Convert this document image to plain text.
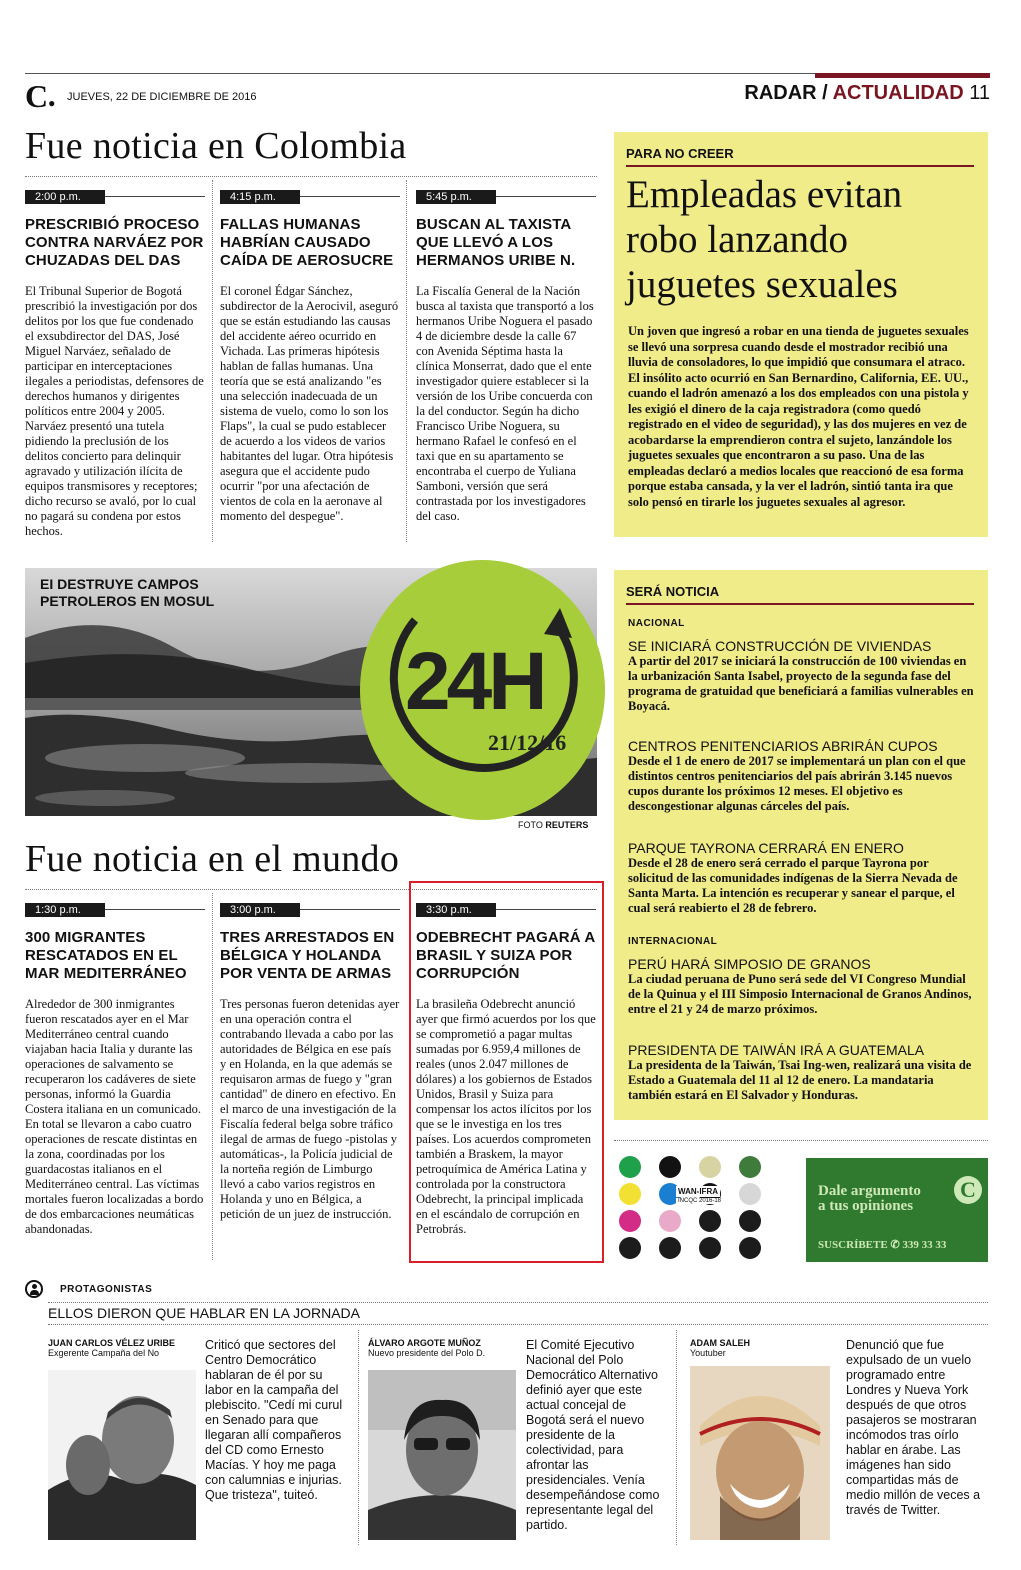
C● JUEVES, 22 DE DICIEMBRE DE 2016	RADAR / ACTUALIDAD 11
Fue noticia en Colombia
2:00 p.m.
PRESCRIBIÓ PROCESO CONTRA NARVÁEZ POR CHUZADAS DEL DAS
El Tribunal Superior de Bogotá prescribió la investigación por dos delitos por los que fue condenado el exsubdirector del DAS, José Miguel Narváez, señalado de participar en interceptaciones ilegales a periodistas, defensores de derechos humanos y dirigentes políticos entre 2004 y 2005. Narváez presentó una tutela pidiendo la preclusión de los delitos concierto para delinquir agravado y utilización ilícita de equipos transmisores y receptores; dicho recurso se avaló, por lo cual no pagará su condena por estos hechos.
4:15 p.m.
FALLAS HUMANAS HABRÍAN CAUSADO CAÍDA DE AEROSUCRE
El coronel Édgar Sánchez, subdirector de la Aerocivil, aseguró que se están estudiando las causas del accidente aéreo ocurrido en Vichada. Las primeras hipótesis hablan de fallas humanas. Una teoría que se está analizando "es una selección inadecuada de un sistema de vuelo, como lo son los Flaps", la cual se pudo establecer de acuerdo a los videos de varios habitantes del lugar. Otra hipótesis asegura que el accidente pudo ocurrir "por una afectación de vientos de cola en la aeronave al momento del despegue".
5:45 p.m.
BUSCAN AL TAXISTA QUE LLEVÓ A LOS HERMANOS URIBE N.
La Fiscalía General de la Nación busca al taxista que transportó a los hermanos Uribe Noguera el pasado 4 de diciembre desde la calle 67 con Avenida Séptima hasta la clínica Monserrat, dado que el ente investigador quiere establecer si la versión de los Uribe concuerda con la del conductor. Según ha dicho Francisco Uribe Noguera, su hermano Rafael le confesó en el taxi que en su apartamento se encontraba el cuerpo de Yuliana Samboni, versión que será contrastada por los investigadores del caso.
PARA NO CREER
Empleadas evitan robo lanzando juguetes sexuales
Un joven que ingresó a robar en una tienda de juguetes sexuales se llevó una sorpresa cuando desde el mostrador recibió una lluvia de consoladores, lo que impidió que consumara el atraco. El insólito acto ocurrió en San Bernardino, California, EE. UU., cuando el ladrón amenazó a los dos empleados con una pistola y les exigió el dinero de la caja registradora (como quedó registrado en el video de seguridad), y las dos mujeres en vez de acobardarse la emprendieron contra el sujeto, lanzándole los juguetes sexuales que encontraron a su paso. Una de las empleadas declaró a medios locales que reaccionó de esa forma porque estaba cansada, y la ver el ladrón, sintió tanta ira que solo pensó en tirarle los juguetes sexuales al agresor.
EI DESTRUYE CAMPOS PETROLEROS EN MOSUL
24H
21/12/16
FOTO REUTERS
SERÁ NOTICIA
NACIONAL
SE INICIARÁ CONSTRUCCIÓN DE VIVIENDAS
A partir del 2017 se iniciará la construcción de 100 viviendas en la urbanización Santa Isabel, proyecto de la segunda fase del programa de gratuidad que beneficiará a familias vulnerables en Boyacá.
CENTROS PENITENCIARIOS ABRIRÁN CUPOS
Desde el 1 de enero de 2017 se implementará un plan con el que distintos centros penitenciarios del país abrirán 3.145 nuevos cupos durante los próximos 12 meses. El objetivo es descongestionar algunas cárceles del país.
PARQUE TAYRONA CERRARÁ EN ENERO
Desde el 28 de enero será cerrado el parque Tayrona por solicitud de las comunidades indígenas de la Sierra Nevada de Santa Marta. La intención es recuperar y sanear el parque, el cual será reabierto el 28 de febrero.
INTERNACIONAL
PERÚ HARÁ SIMPOSIO DE GRANOS
La ciudad peruana de Puno será sede del VI Congreso Mundial de la Quinua y el III Simposio Internacional de Granos Andinos, entre el 21 y 24 de marzo próximos.
PRESIDENTA DE TAIWÁN IRÁ A GUATEMALA
La presidenta de la Taiwán, Tsai Ing-wen, realizará una visita de Estado a Guatemala del 11 al 12 de enero. La mandataria también estará en El Salvador y Honduras.
Fue noticia en el mundo
1:30 p.m.
300 MIGRANTES RESCATADOS EN EL MAR MEDITERRÁNEO
Alrededor de 300 inmigrantes fueron rescatados ayer en el Mar Mediterráneo central cuando viajaban hacia Italia y durante las operaciones de salvamento se recuperaron los cadáveres de siete personas, informó la Guardia Costera italiana en un comunicado. En total se llevaron a cabo cuatro operaciones de rescate distintas en la zona, coordinadas por los guardacostas italianos en el Mediterráneo central. Las víctimas mortales fueron localizadas a bordo de dos embarcaciones neumáticas abandonadas.
3:00 p.m.
TRES ARRESTADOS EN BÉLGICA Y HOLANDA POR VENTA DE ARMAS
Tres personas fueron detenidas ayer en una operación contra el contrabando llevada a cabo por las autoridades de Bélgica en ese país y en Holanda, en la que además se requisaron armas de fuego y "gran cantidad" de dinero en efectivo. En el marco de una investigación de la Fiscalía federal belga sobre tráfico ilegal de armas de fuego -pistolas y automáticas-, la Policía judicial de la norteña región de Limburgo llevó a cabo varios registros en Holanda y uno en Bélgica, a petición de un juez de instrucción.
3:30 p.m.
ODEBRECHT PAGARÁ A BRASIL Y SUIZA POR CORRUPCIÓN
La brasileña Odebrecht anunció ayer que firmó acuerdos por los que se comprometió a pagar multas sumadas por 6.959,4 millones de reales (unos 2.047 millones de dólares) a los gobiernos de Estados Unidos, Brasil y Suiza para compensar los actos ilícitos por los que se le investiga en los tres países. Los acuerdos comprometen también a Braskem, la mayor petroquímica de América Latina y controlada por la constructora Odebrecht, la principal implicada en el escándalo de corrupción en Petrobrás.
WAN-IFRA
INCQC 2016-18
Dale argumento
a tus opiniones
C
SUSCRÍBETE ✆ 339 33 33
PROTAGONISTAS
ELLOS DIERON QUE HABLAR EN LA JORNADA
JUAN CARLOS VÉLEZ URIBE
Exgerente Campaña del No
Criticó que sectores del Centro Democrático hablaran de él por su labor en la campaña del plebiscito. "Cedí mi curul en Senado para que llegaran allí compañeros del CD como Ernesto Macías. Y hoy me paga con calumnias e injurias. Que tristeza", tuiteó.
ÁLVARO ARGOTE MUÑOZ
Nuevo presidente del Polo D.
El Comité Ejecutivo Nacional del Polo Democrático Alternativo definió ayer que este actual concejal de Bogotá será el nuevo presidente de la colectividad, para afrontar las presidenciales. Venía desempeñándose como representante legal del partido.
ADAM SALEH
Youtuber
Denunció que fue expulsado de un vuelo programado entre Londres y Nueva York después de que otros pasajeros se mostraran incómodos tras oírlo hablar en árabe. Las imágenes han sido compartidas más de medio millón de veces a través de Twitter.
